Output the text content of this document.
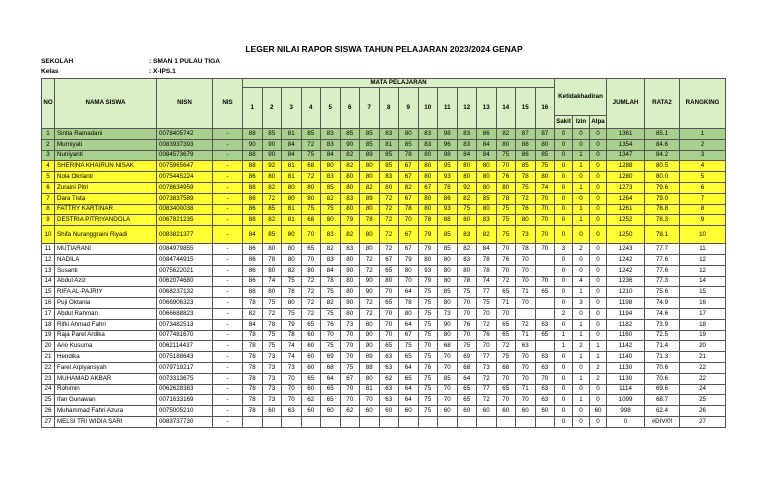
LEGER NILAI RAPOR SISWA TAHUN PELAJARAN 2023/2024 GENAP
SEKOLAH	: SMAN 1 PULAU TIGA
Kelas	: X-IPS.1
NO	NAMA SISWA	NISN	NIS	MATA PELAJARAN																Ketidakhadiran			JUMLAH	RATA2	RANGKING
				1	2	3	4	5	6	7	8	9	10	11	12	13	14	15	16						
																				Sakit	Izin	Alpa			
1	Sintia Ramadani	0078405742	-	88	85	81	85	83	85	85	83	80	83	98	83	86	82	87	87	0	0	0	1361	85.1	1
2	Murniyati	0083937393	-	90	90	84	72	83	90	85	81	85	83	96	83	84	80	88	80	0	0	0	1354	84.6	2
3	Nuniyanti	0084573679	-	88	90	84	75	84	82	89	85	78	80	98	84	84	75	86	85	0	1	0	1347	84.2	3
4	SHERINA KHAIRUN NISAK	0075965647	-	88	92	81	68	80	82	80	85	67	80	95	80	80	70	85	75	0	1	0	1288	80.5	4
5	Nola Okrianti	0075445224	-	86	80	81	72	83	80	80	83	67	80	93	80	80	76	78	80	0	0	0	1280	80.0	5
6	Zuraini Pitri	0078634959	-	88	82	80	80	85	80	82	80	82	67	78	92	80	80	75	74	0	1	0	1273	79.6	6
7	Dara Tista	0073837589	-	86	72	80	80	82	83	89	72	67	80	86	82	85	78	72	70	0	0	0	1264	79.0	7
8	FATTRY KARTINAR	0083400038	-	86	85	81	75	75	80	80	72	78	80	93	75	80	75	76	70	0	1	0	1261	78.8	8
9	DESTRIA PITRIYANDOLA	0067821235	-	88	82	81	68	80	79	78	72	70	78	88	80	83	75	80	70	0	1	0	1252	78.3	9
10	Shifa Nuranggraini Riyadi	0083821377	-	84	85	80	70	83	82	80	72	67	79	85	83	82	75	73	70	0	0	0	1250	78.1	10
11	MUTIARANI	0084979855	-	86	80	80	65	82	83	80	72	67	79	85	82	84	70	78	70	3	2	0	1243	77.7	11
12	NADILA	0084744915	-	86	78	80	70	83	80	72	67	79	80	80	83	78	76	70		0	0	0	1242	77.6	12
13	Susanti	0075622021	-	86	80	82	80	84	80	72	65	80	93	80	80	78	70	70		0	0	0	1242	77.6	12
14	Abdul Aziz	0062074680	-	86	74	75	72	78	80	90	80	70	79	80	78	74	72	70	70	0	4	0	1236	77.3	14
15	RIFA AL-PAJRIY	0068237132	-	88	80	78	72	75	80	90	70	64	75	85	75	77	65	71	65	0	1	0	1210	75.6	15
16	Puji Oktania	0066906323	-	78	75	80	72	82	80	72	65	78	75	80	70	75	71	70		0	3	0	1198	74.9	16
17	Abdul Rahman	0066688823	-	82	72	75	72	75	80	72	70	80	75	73	70	70	70			2	0	0	1194	74.6	17
18	Rifki Ahmad Fahri	0073482513	-	84	78	79	65	76	73	80	70	64	75	90	76	72	65	72	63	0	1	0	1182	73.9	18
19	Raja Parel Ardika	0077481670	-	78	75	78	60	70	70	90	70	67	75	80	70	76	65	71	65	1	1	0	1160	72.5	19
20	Ario Kusuma	0062114437	-	78	75	74	60	75	70	90	65	75	70	68	75	70	72	63		1	2	1	1142	71.4	20
21	Hendika	0075188643	-	78	73	74	60	69	70	89	63	65	75	70	69	77	75	70	63	0	1	1	1140	71.3	21
22	Farel Arpiyansyah	0079719217	-	78	73	73	60	68	75	88	63	64	76	70	68	73	68	70	63	0	0	2	1130	70.6	22
23	MUHAMAD AKBAR	0073313675	-	78	73	70	65	64	67	80	62	65	75	85	64	72	70	70	70	0	1	2	1130	70.6	22
24	Rohimin	0062628383	-	78	73	70	60	65	70	81	63	64	75	70	65	77	65	71	63	0	0	0	1114	69.6	24
25	Ifan Gunawan	0071633169	-	78	73	70	62	65	70	70	63	64	75	70	65	72	70	70	63	0	1	0	1099	68.7	25
26	Muhammad Fahri Azura	0075005210	-	78	60	63	60	60	62	60	60	60	75	60	60	60	60	60	60	0	0	60	998	62.4	26
27	MELSI TRI WIDIA SARI	0083737730	-																	0	0	0	0	#DIV/0!	27
